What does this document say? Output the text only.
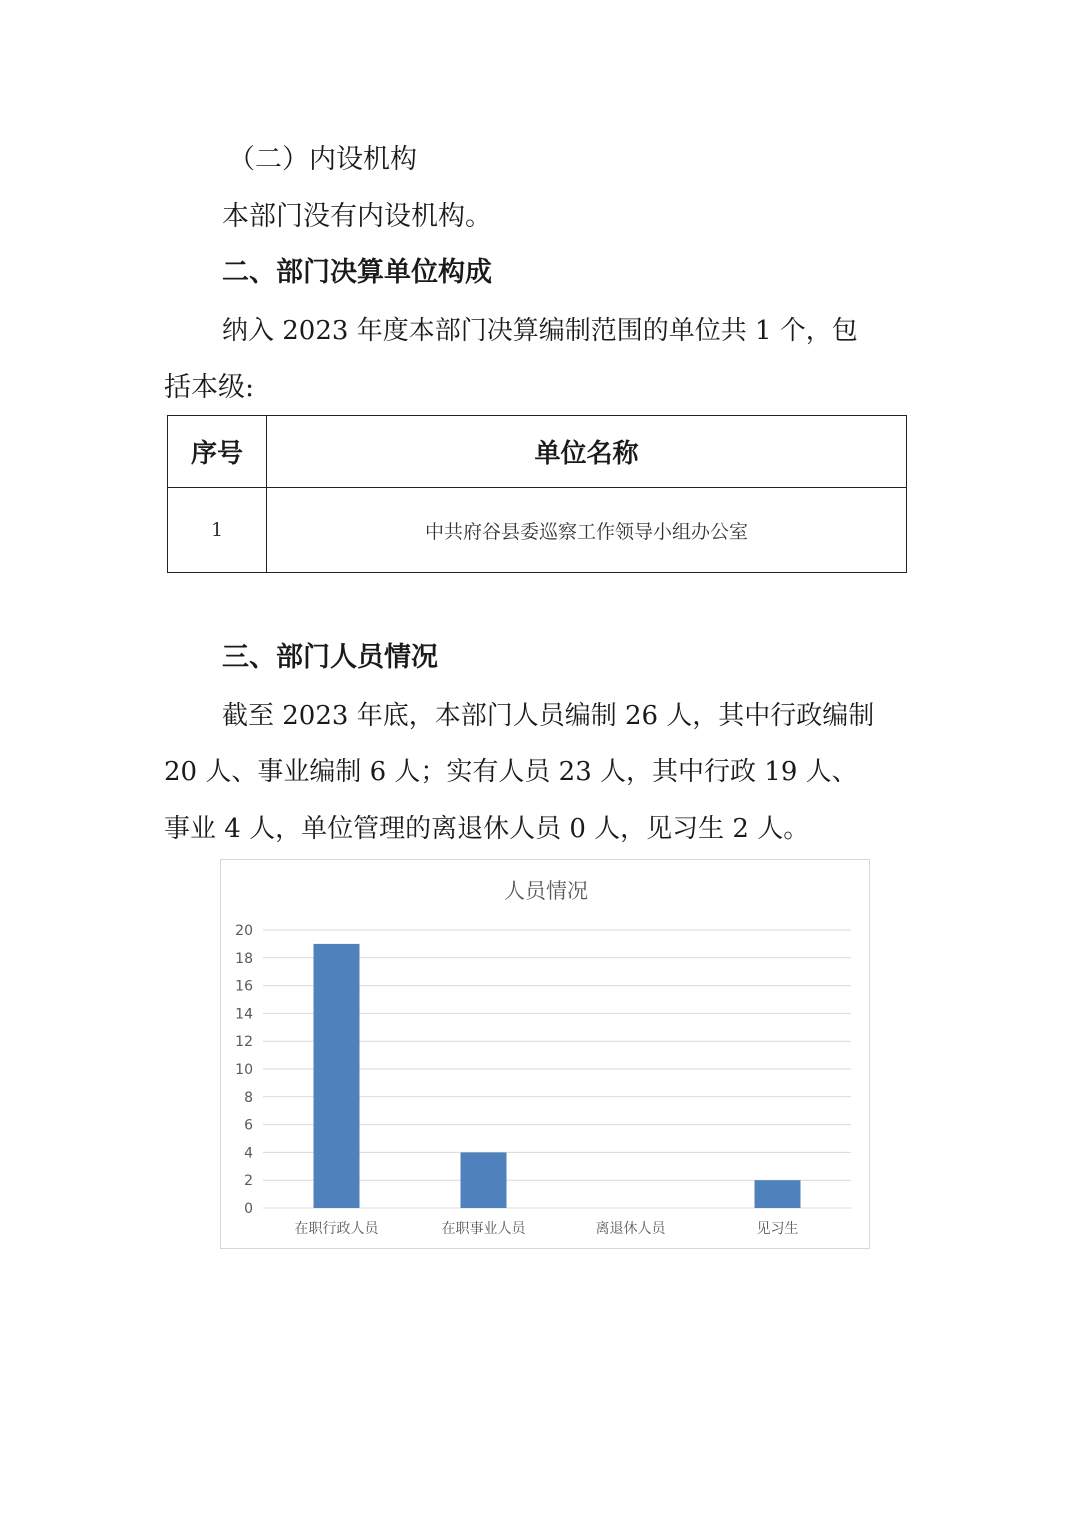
（二）内设机构
本部门没有内设机构。
二、部门决算单位构成
纳入 2023 年度本部门决算编制范围的单位共 1 个，包
括本级:
序号	单位名称
1	中共府谷县委巡察工作领导小组办公室
三、部门人员情况
截至 2023 年底，本部门人员编制 26 人，其中行政编制
20 人、事业编制 6 人；实有人员 23 人，其中行政 19 人、
事业 4 人，单位管理的离退休人员 0 人，见习生 2 人。
人员情况
0
2
4
6
8
10
12
14
16
18
20
在职行政人员	在职事业人员	离退休人员	见习生
